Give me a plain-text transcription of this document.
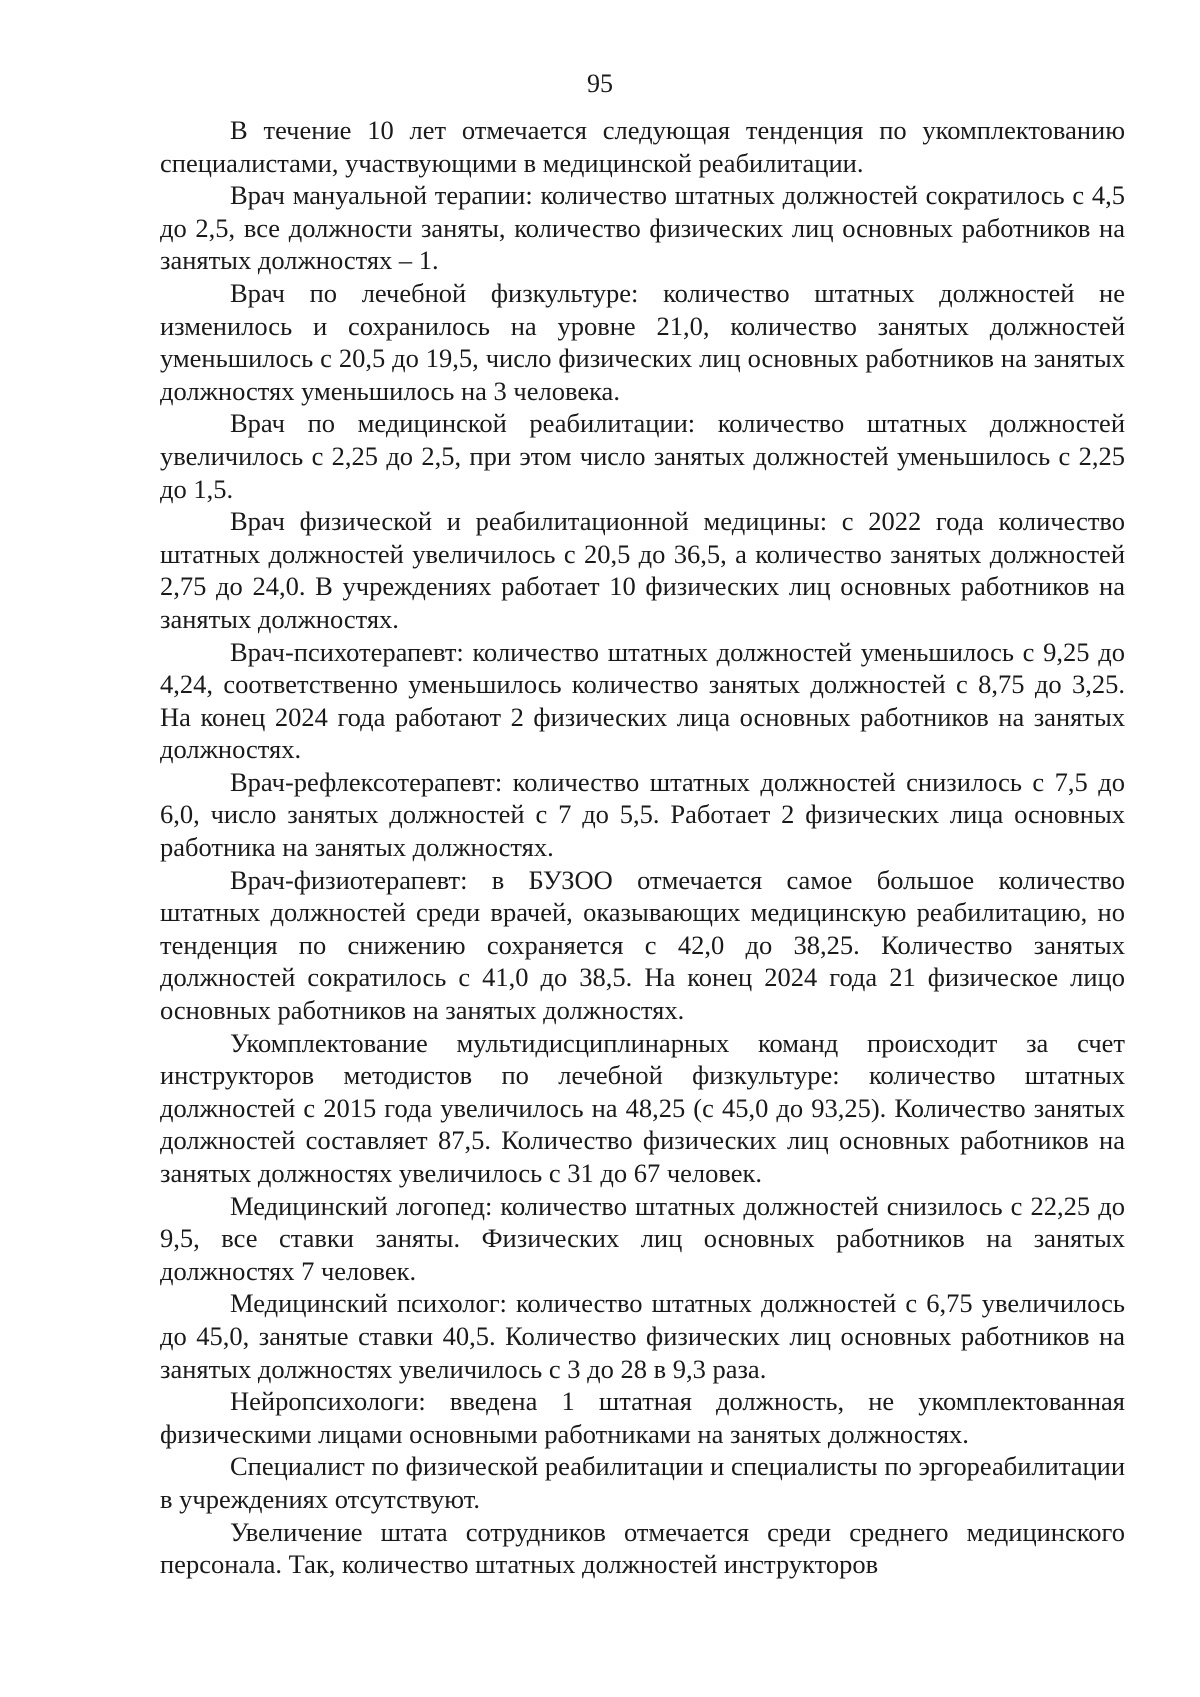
95

В течение 10 лет отмечается следующая тенденция по укомплектованию специалистами, участвующими в медицинской реабилитации.

Врач мануальной терапии: количество штатных должностей сократилось с 4,5 до 2,5, все должности заняты, количество физических лиц основных работников на занятых должностях – 1.

Врач по лечебной физкультуре: количество штатных должностей не изменилось и сохранилось на уровне 21,0, количество занятых должностей уменьшилось с 20,5 до 19,5, число физических лиц основных работников на занятых должностях уменьшилось на 3 человека.

Врач по медицинской реабилитации: количество штатных должностей увеличилось с 2,25 до 2,5, при этом число занятых должностей уменьшилось с 2,25 до 1,5.

Врач физической и реабилитационной медицины: с 2022 года количество штатных должностей увеличилось с 20,5 до 36,5, а количество занятых должностей 2,75 до 24,0. В учреждениях работает 10 физических лиц основных работников на занятых должностях.

Врач-психотерапевт: количество штатных должностей уменьшилось с 9,25 до 4,24, соответственно уменьшилось количество занятых должностей с 8,75 до 3,25. На конец 2024 года работают 2 физических лица основных работников на занятых должностях.

Врач-рефлексотерапевт: количество штатных должностей снизилось с 7,5 до 6,0, число занятых должностей с 7 до 5,5. Работает 2 физических лица основных работника на занятых должностях.

Врач-физиотерапевт: в БУЗОО отмечается самое большое количество штатных должностей среди врачей, оказывающих медицинскую реабилитацию, но тенденция по снижению сохраняется с 42,0 до 38,25. Количество занятых должностей сократилось с 41,0 до 38,5. На конец 2024 года 21 физическое лицо основных работников на занятых должностях.

Укомплектование мультидисциплинарных команд происходит за счет инструкторов методистов по лечебной физкультуре: количество штатных должностей с 2015 года увеличилось на 48,25 (с 45,0 до 93,25). Количество занятых должностей составляет 87,5. Количество физических лиц основных работников на занятых должностях увеличилось с 31 до 67 человек.

Медицинский логопед: количество штатных должностей снизилось с 22,25 до 9,5, все ставки заняты. Физических лиц основных работников на занятых должностях 7 человек.

Медицинский психолог: количество штатных должностей с 6,75 увеличилось до 45,0, занятые ставки 40,5. Количество физических лиц основных работников на занятых должностях увеличилось с 3 до 28 в 9,3 раза.

Нейропсихологи: введена 1 штатная должность, не укомплектованная физическими лицами основными работниками на занятых должностях.

Специалист по физической реабилитации и специалисты по эргореабилитации в учреждениях отсутствуют.

Увеличение штата сотрудников отмечается среди среднего медицинского персонала. Так, количество штатных должностей инструкторов
